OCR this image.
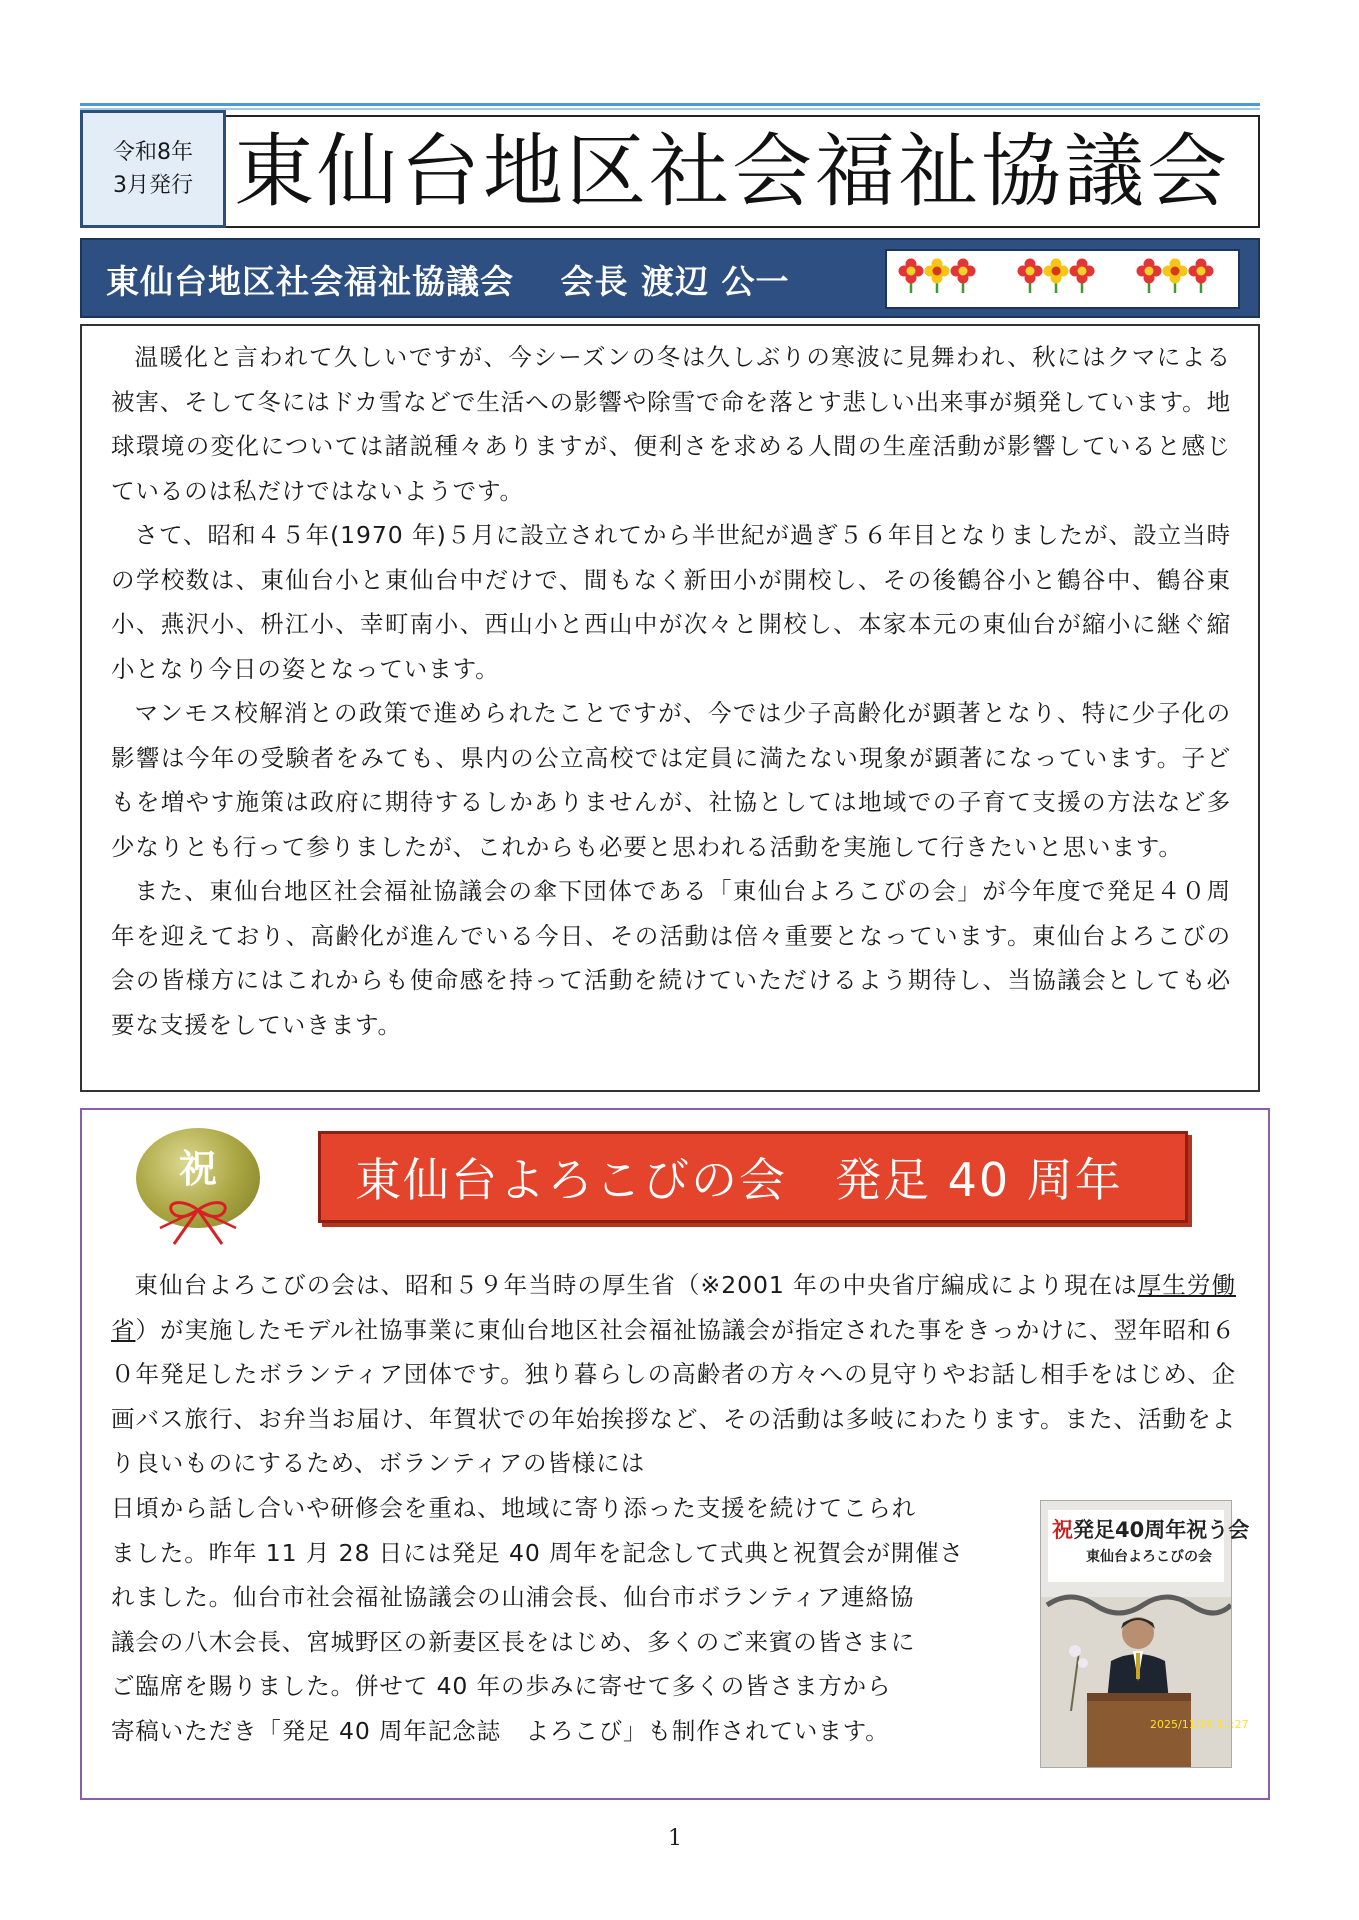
令和8年
3月発行 東仙台地区社会福祉協議会
東仙台地区社会福祉協議会　 会長 渡辺 公一

温暖化と言われて久しいですが、今シーズンの冬は久しぶりの寒波に見舞われ、秋にはクマによる被害、そして冬にはドカ雪などで生活への影響や除雪で命を落とす悲しい出来事が頻発しています。地球環境の変化については諸説種々ありますが、便利さを求める人間の生産活動が影響していると感じているのは私だけではないようです。

さて、昭和４５年(1970 年)５月に設立されてから半世紀が過ぎ５６年目となりましたが、設立当時の学校数は、東仙台小と東仙台中だけで、間もなく新田小が開校し、その後鶴谷小と鶴谷中、鶴谷東小、燕沢小、枡江小、幸町南小、西山小と西山中が次々と開校し、本家本元の東仙台が縮小に継ぐ縮小となり今日の姿となっています。

マンモス校解消との政策で進められたことですが、今では少子高齢化が顕著となり、特に少子化の影響は今年の受験者をみても、県内の公立高校では定員に満たない現象が顕著になっています。子どもを増やす施策は政府に期待するしかありませんが、社協としては地域での子育て支援の方法など多少なりとも行って参りましたが、これからも必要と思われる活動を実施して行きたいと思います。

また、東仙台地区社会福祉協議会の傘下団体である「東仙台よろこびの会」が今年度で発足４０周年を迎えており、高齢化が進んでいる今日、その活動は倍々重要となっています。東仙台よろこびの会の皆様方にはこれからも使命感を持って活動を続けていただけるよう期待し、当協議会としても必要な支援をしていきます。

祝	東仙台よろこびの会　発足 40 周年

東仙台よろこびの会は、昭和５９年当時の厚生省（※2001 年の中央省庁編成により現在は厚生労働省）が実施したモデル社協事業に東仙台地区社会福祉協議会が指定された事をきっかけに、翌年昭和６０年発足したボランティア団体です。独り暮らしの高齢者の方々への見守りやお話し相手をはじめ、企画バス旅行、お弁当お届け、年賀状での年始挨拶など、その活動は多岐にわたります。また、活動をより良いものにするため、ボランティアの皆様には

日頃から話し合いや研修会を重ね、地域に寄り添った支援を続けてこられ
ました。昨年 11 月 28 日には発足 40 周年を記念して式典と祝賀会が開催さ
れました。仙台市社会福祉協議会の山浦会長、仙台市ボランティア連絡協
議会の八木会長、宮城野区の新妻区長をはじめ、多くのご来賓の皆さまに
ご臨席を賜りました。併せて 40 年の歩みに寄せて多くの皆さま方から
寄稿いただき「発足 40 周年記念誌　よろこび」も制作されています。
祝発足40周年祝う会
東仙台よろこびの会
2025/11/28 11:27
1
